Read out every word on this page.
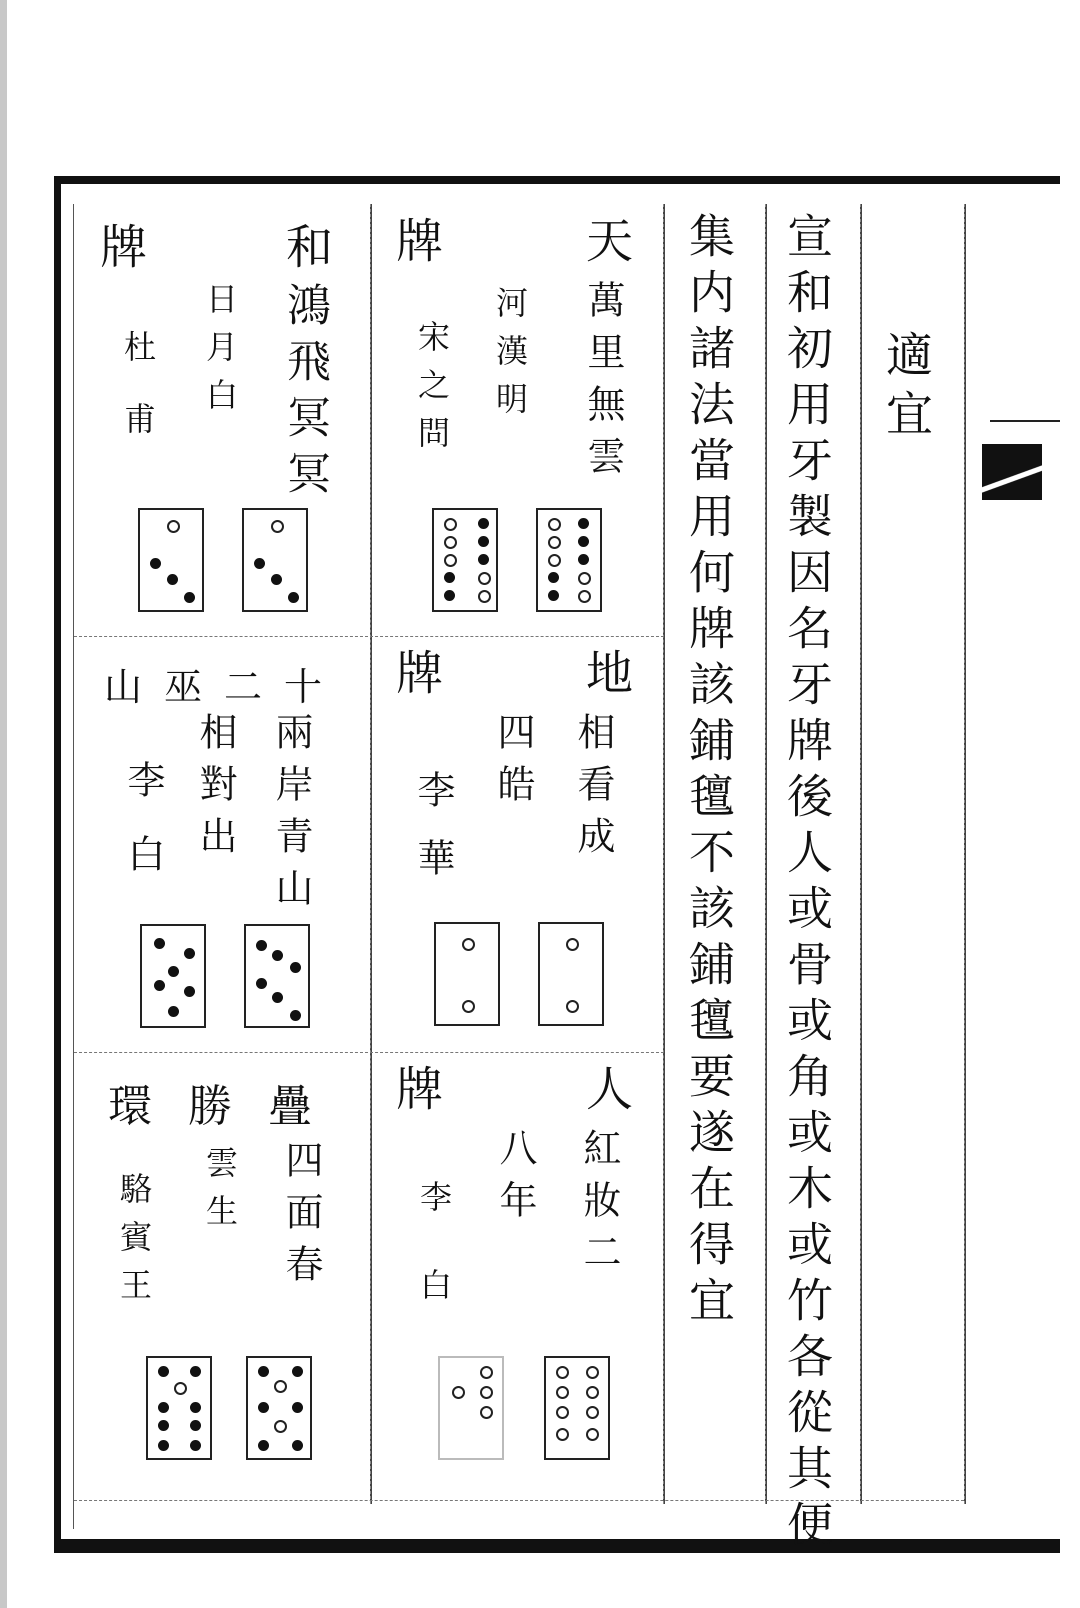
適宜
宣和初用牙製因名牙牌後人或骨或角或木或竹各從其便
集内諸法當用何牌該鋪氊不該鋪氊要遂在得宜
天
牌
萬里無雲
河漢明
宋之問
和
牌
鴻飛冥冥
日月白
杜甫
地
牌
相看成
四皓
李華
十二巫山
兩岸青山
相對出
李白
人
牌
紅妝二
八年
李白
疊勝環
四面春
雲生
駱賓王
